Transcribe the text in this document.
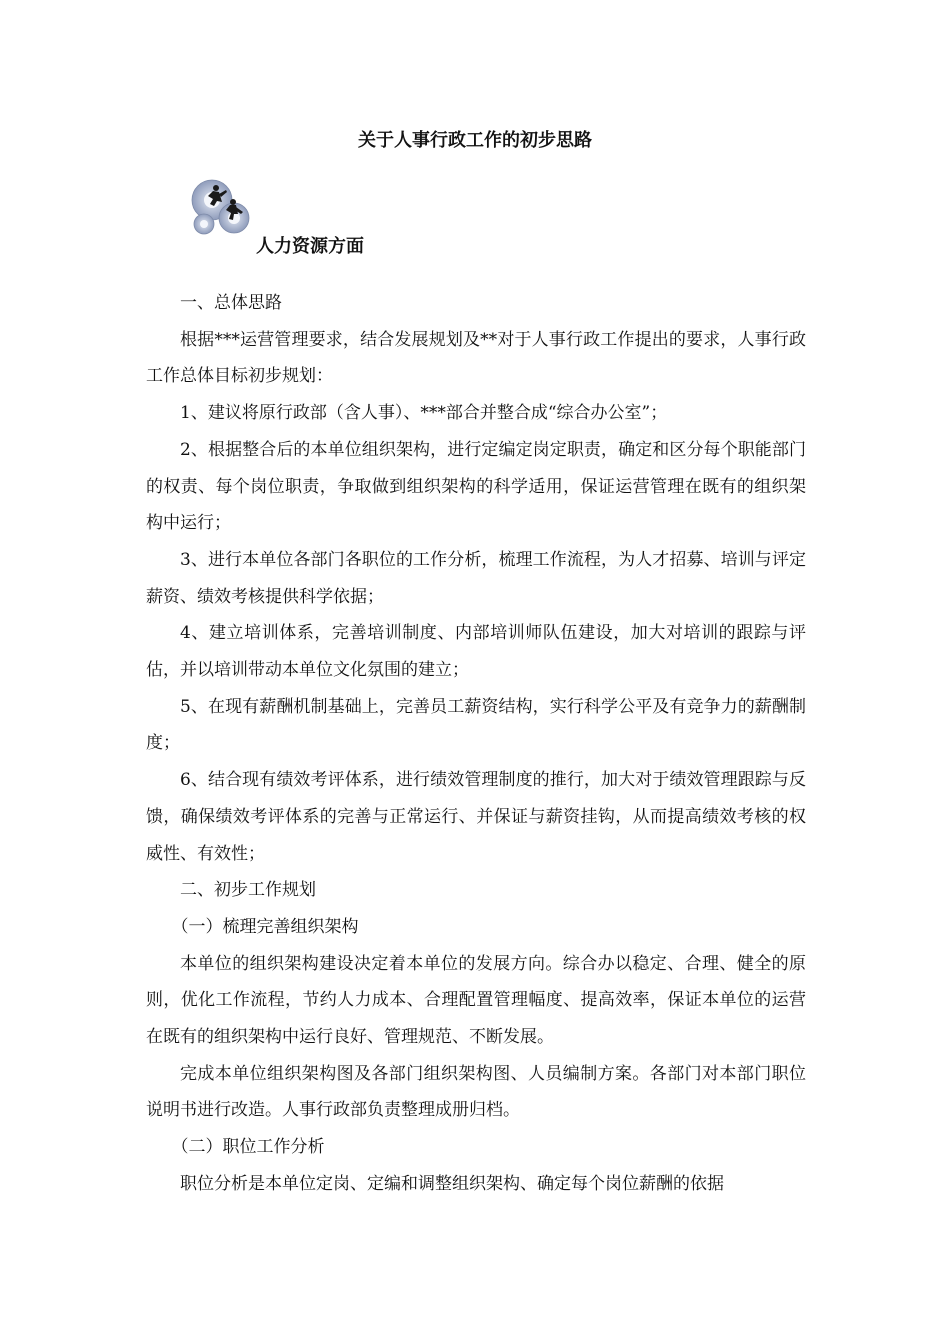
关于人事行政工作的初步思路
人力资源方面

一、总体思路

根据***运营管理要求，结合发展规划及**对于人事行政工作提出的要求，人事行政工作总体目标初步规划：

1、建议将原行政部（含人事）、***部合并整合成“综合办公室”；

2、根据整合后的本单位组织架构，进行定编定岗定职责，确定和区分每个职能部门的权责、每个岗位职责，争取做到组织架构的科学适用，保证运营管理在既有的组织架构中运行；

3、进行本单位各部门各职位的工作分析，梳理工作流程，为人才招募、培训与评定薪资、绩效考核提供科学依据；

4、建立培训体系，完善培训制度、内部培训师队伍建设，加大对培训的跟踪与评估，并以培训带动本单位文化氛围的建立；

5、在现有薪酬机制基础上，完善员工薪资结构，实行科学公平及有竞争力的薪酬制度；

6、结合现有绩效考评体系，进行绩效管理制度的推行，加大对于绩效管理跟踪与反馈，确保绩效考评体系的完善与正常运行、并保证与薪资挂钩，从而提高绩效考核的权威性、有效性；

二、初步工作规划

（一）梳理完善组织架构

本单位的组织架构建设决定着本单位的发展方向。综合办以稳定、合理、健全的原则，优化工作流程，节约人力成本、合理配置管理幅度、提高效率，保证本单位的运营在既有的组织架构中运行良好、管理规范、不断发展。

完成本单位组织架构图及各部门组织架构图、人员编制方案。各部门对本部门职位说明书进行改造。人事行政部负责整理成册归档。

（二）职位工作分析

职位分析是本单位定岗、定编和调整组织架构、确定每个岗位薪酬的依据
